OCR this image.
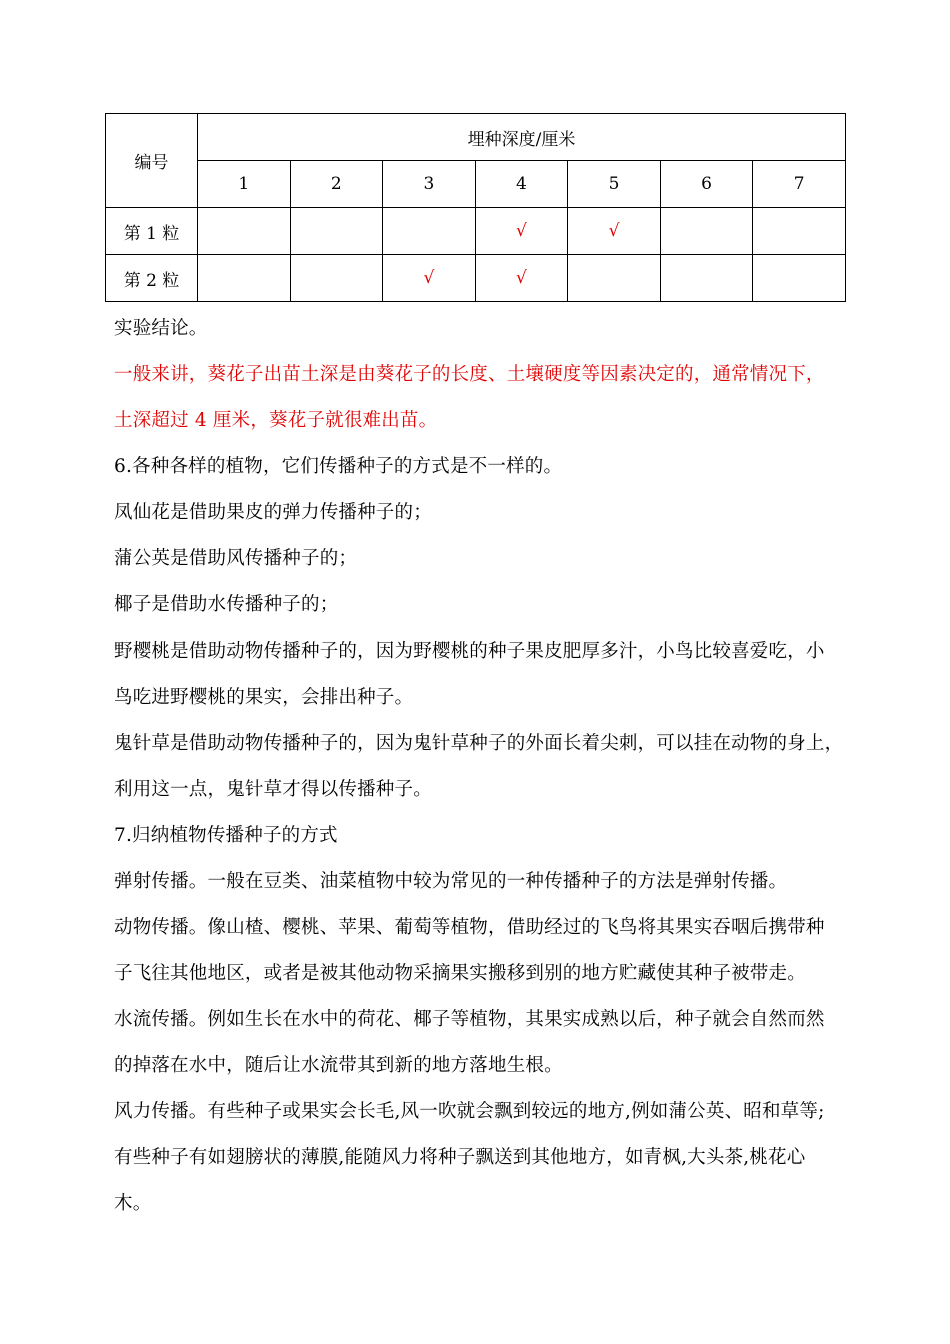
编号	埋种深度/厘米						
	1	2	3	4	5	6	7
第 1 粒				√	√		
第 2 粒			√	√			
实验结论。
一般来讲，葵花子出苗土深是由葵花子的长度、土壤硬度等因素决定的，通常情况下，
土深超过 4 厘米，葵花子就很难出苗。
6.各种各样的植物，它们传播种子的方式是不一样的。
凤仙花是借助果皮的弹力传播种子的；
蒲公英是借助风传播种子的；
椰子是借助水传播种子的；
野樱桃是借助动物传播种子的，因为野樱桃的种子果皮肥厚多汁，小鸟比较喜爱吃，小
鸟吃进野樱桃的果实，会排出种子。
鬼针草是借助动物传播种子的，因为鬼针草种子的外面长着尖刺，可以挂在动物的身上，
利用这一点，鬼针草才得以传播种子。
7.归纳植物传播种子的方式
弹射传播。一般在豆类、油菜植物中较为常见的一种传播种子的方法是弹射传播。
动物传播。像山楂、樱桃、苹果、葡萄等植物，借助经过的飞鸟将其果实吞咽后携带种
子飞往其他地区，或者是被其他动物采摘果实搬移到别的地方贮藏使其种子被带走。
水流传播。例如生长在水中的荷花、椰子等植物，其果实成熟以后，种子就会自然而然
的掉落在水中，随后让水流带其到新的地方落地生根。
风力传播。有些种子或果实会长毛,风一吹就会飘到较远的地方,例如蒲公英、昭和草等;
有些种子有如翅膀状的薄膜,能随风力将种子飘送到其他地方，如青枫,大头茶,桃花心
木。
